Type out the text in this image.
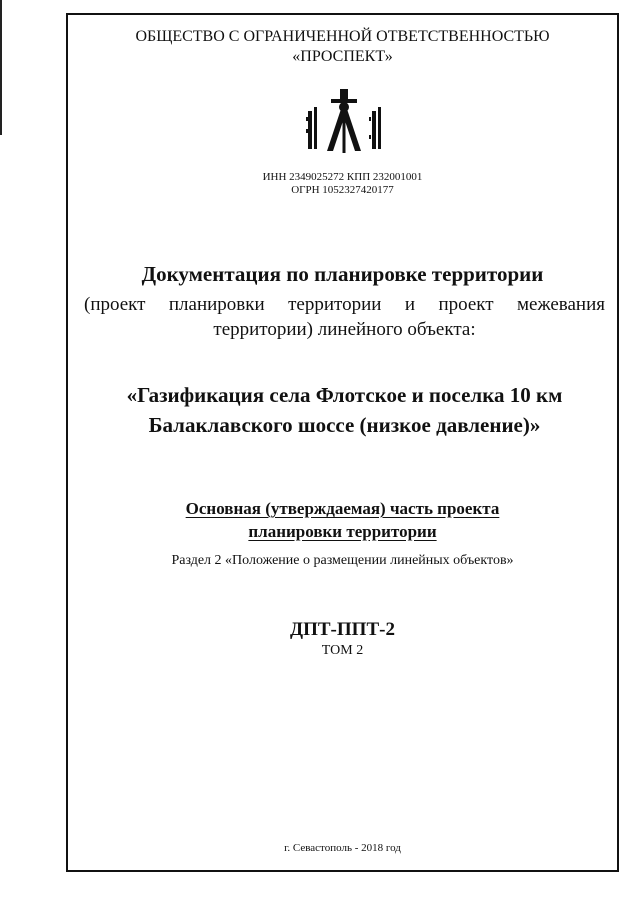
ОБЩЕСТВО С ОГРАНИЧЕННОЙ ОТВЕТСТВЕННОСТЬЮ
«ПРОСПЕКТ»
ИНН 2349025272 КПП 232001001
ОГРН 1052327420177
Документация по планировке территории
(проект планировки территории и проект межевания территории) линейного объекта:
«Газификация села Флотское и поселка 10 км Балаклавского шоссе (низкое давление)»
Основная (утверждаемая) часть проекта
планировки территории
Раздел 2 «Положение о размещении линейных объектов»
ДПТ-ППТ-2
ТОМ 2
г. Севастополь - 2018 год
